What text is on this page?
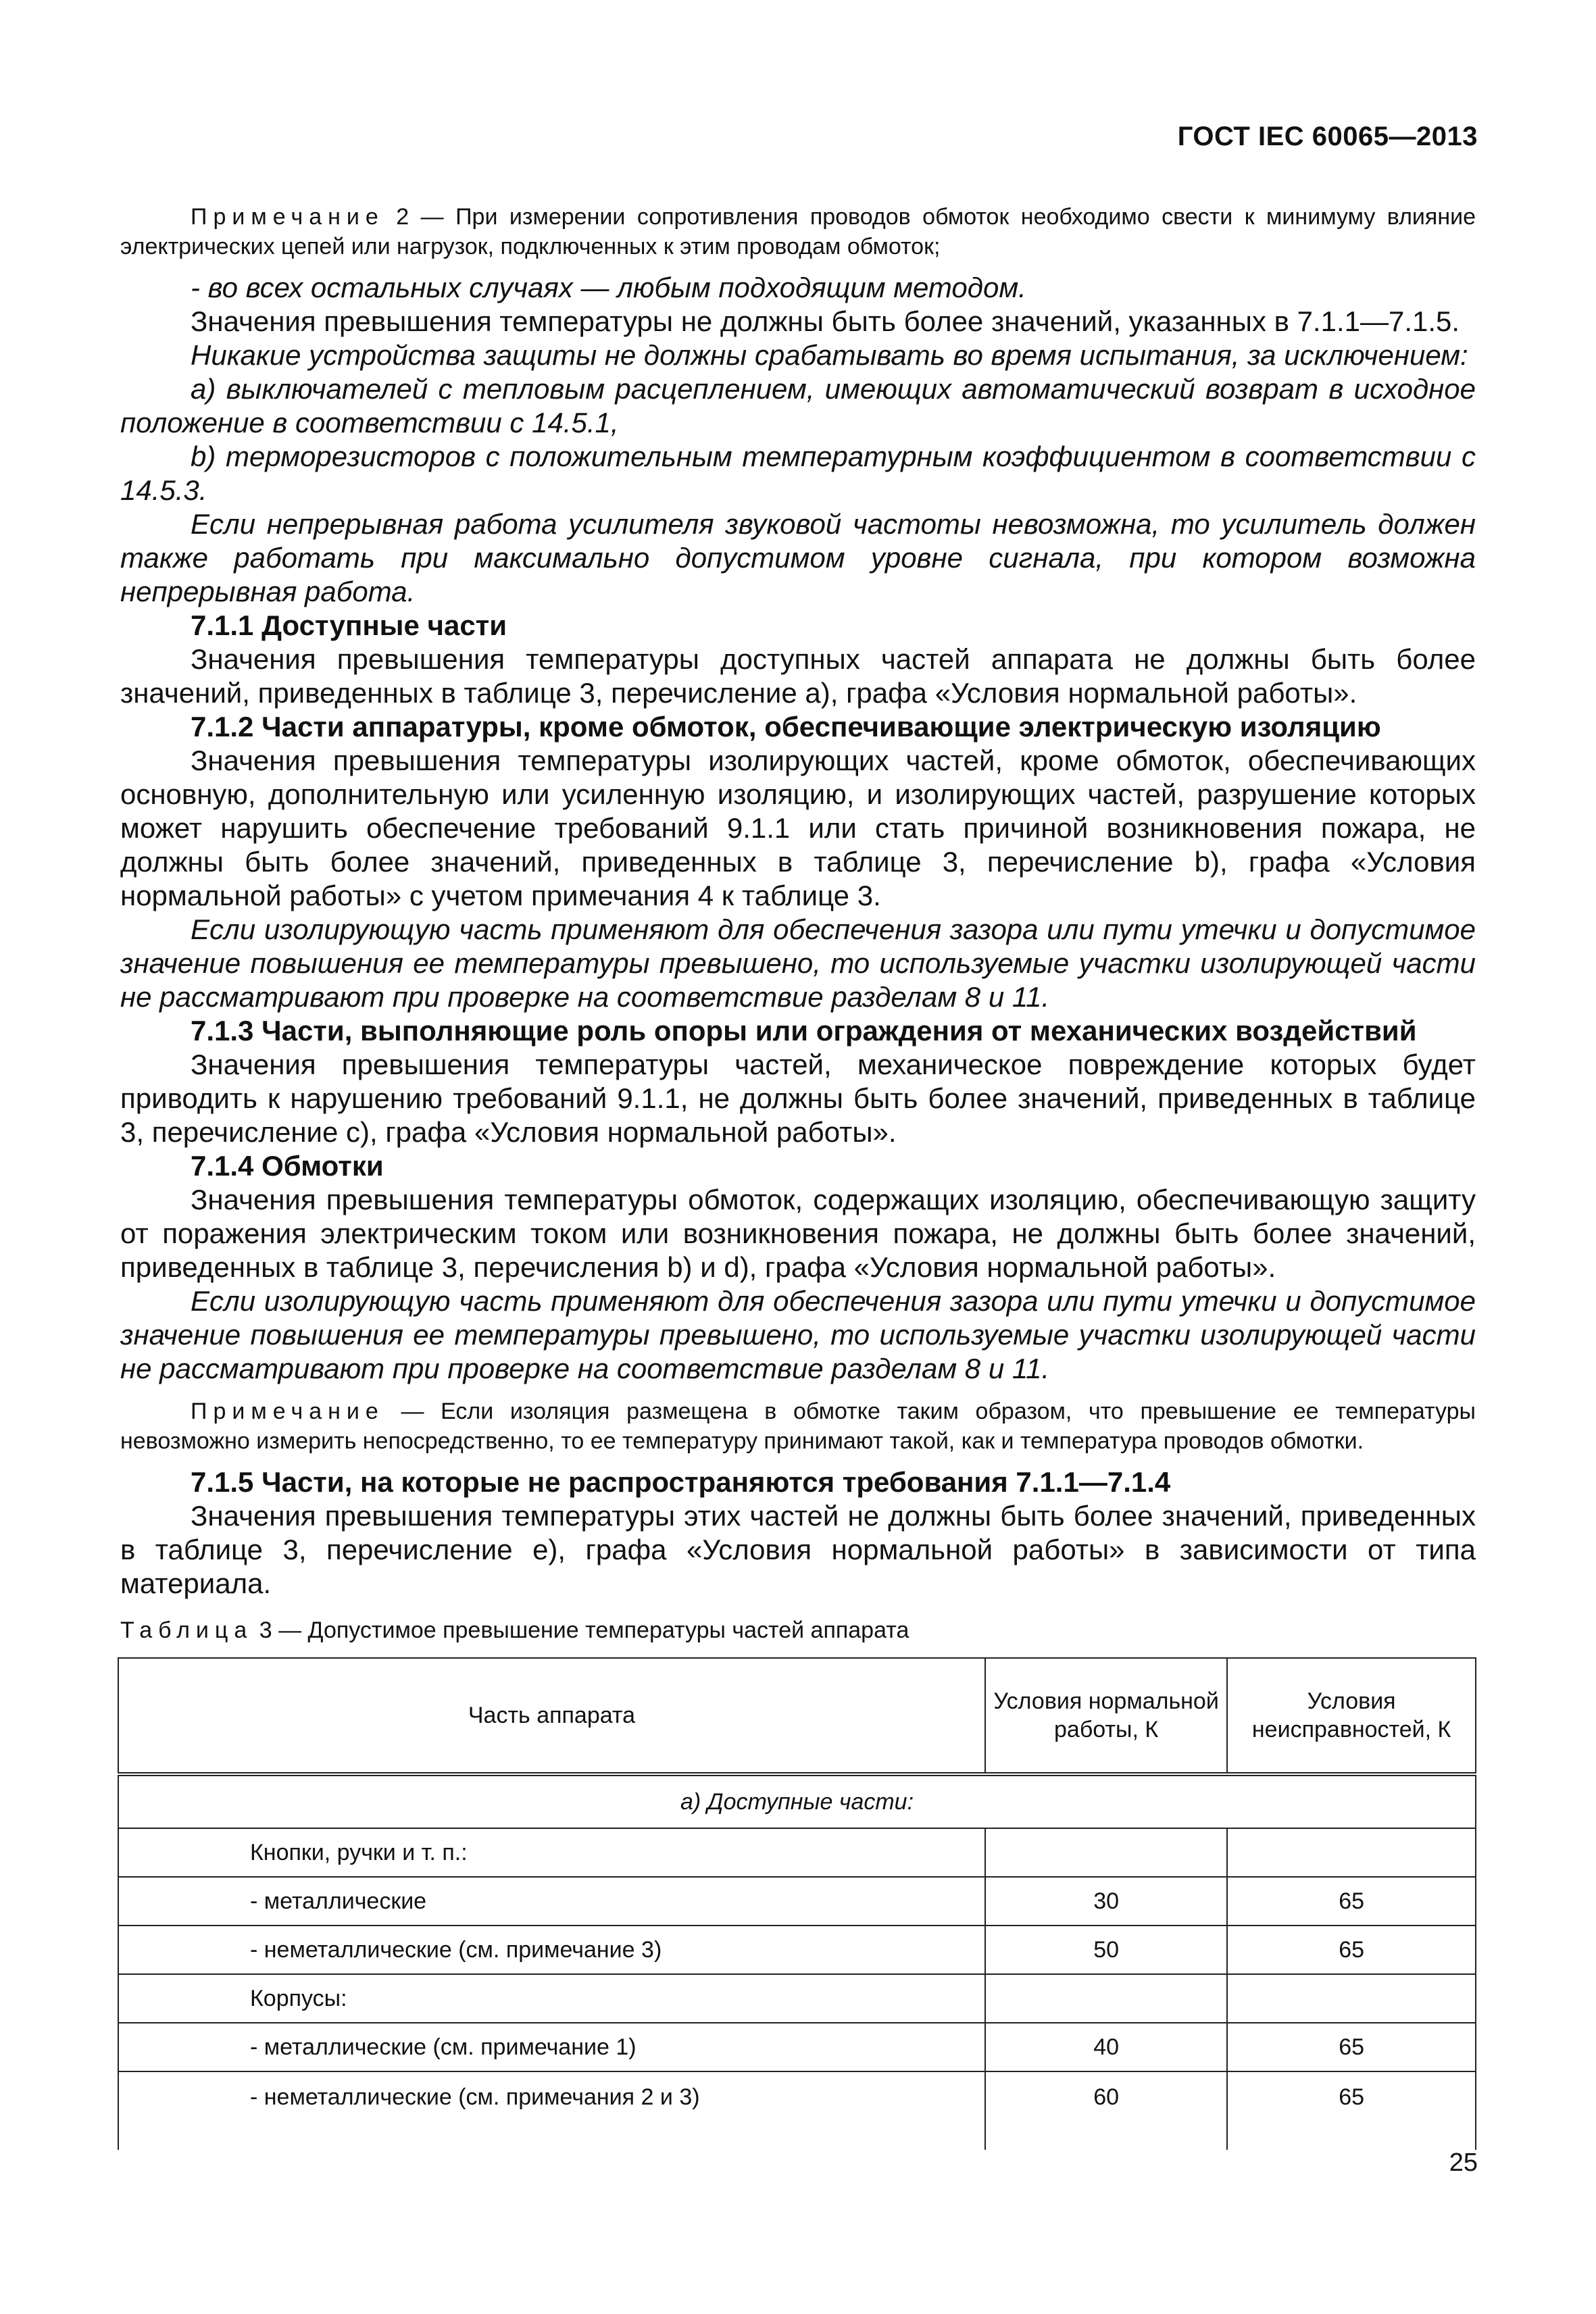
ГОСТ IEC 60065—2013

Примечание 2 — При измерении сопротивления проводов обмоток необходимо свести к минимуму влияние электрических цепей или нагрузок, подключенных к этим проводам обмоток;

- во всех остальных случаях — любым подходящим методом.

Значения превышения температуры не должны быть более значений, указанных в 7.1.1—7.1.5.

Никакие устройства защиты не должны срабатывать во время испытания, за исключением:

а) выключателей с тепловым расцеплением, имеющих автоматический возврат в исходное положение в соответствии с 14.5.1,

b) терморезисторов с положительным температурным коэффициентом в соответствии с 14.5.3.

Если непрерывная работа усилителя звуковой частоты невозможна, то усилитель должен также работать при максимально допустимом уровне сигнала, при котором возможна непрерывная работа.

7.1.1 Доступные части

Значения превышения температуры доступных частей аппарата не должны быть более значений, приведенных в таблице 3, перечисление а), графа «Условия нормальной работы».

7.1.2 Части аппаратуры, кроме обмоток, обеспечивающие электрическую изоляцию

Значения превышения температуры изолирующих частей, кроме обмоток, обеспечивающих основную, дополнительную или усиленную изоляцию, и изолирующих частей, разрушение которых может нарушить обеспечение требований 9.1.1 или стать причиной возникновения пожара, не должны быть более значений, приведенных в таблице 3, перечисление b), графа «Условия нормальной работы» с учетом примечания 4 к таблице 3.

Если изолирующую часть применяют для обеспечения зазора или пути утечки и допустимое значение повышения ее температуры превышено, то используемые участки изолирующей части не рассматривают при проверке на соответствие разделам 8 и 11.

7.1.3 Части, выполняющие роль опоры или ограждения от механических воздействий

Значения превышения температуры частей, механическое повреждение которых будет приводить к нарушению требований 9.1.1, не должны быть более значений, приведенных в таблице 3, перечисление с), графа «Условия нормальной работы».

7.1.4 Обмотки

Значения превышения температуры обмоток, содержащих изоляцию, обеспечивающую защиту от поражения электрическим током или возникновения пожара, не должны быть более значений, приведенных в таблице 3, перечисления b) и d), графа «Условия нормальной работы».

Если изолирующую часть применяют для обеспечения зазора или пути утечки и допустимое значение повышения ее температуры превышено, то используемые участки изолирующей части не рассматривают при проверке на соответствие разделам 8 и 11.

Примечание — Если изоляция размещена в обмотке таким образом, что превышение ее температуры невозможно измерить непосредственно, то ее температуру принимают такой, как и температура проводов обмотки.

7.1.5 Части, на которые не распространяются требования 7.1.1—7.1.4

Значения превышения температуры этих частей не должны быть более значений, приведенных в таблице 3, перечисление е), графа «Условия нормальной работы» в зависимости от типа материала.

Таблица 3 — Допустимое превышение температуры частей аппарата
Часть аппарата	Условия нормальной работы, К	Условия неисправностей, К
а) Доступные части:		
Кнопки, ручки и т. п.:		
- металлические	30	65
- неметаллические (см. примечание 3)	50	65
Корпусы:		
- металлические (см. примечание 1)	40	65
- неметаллические (см. примечания 2 и 3)	60	65
25
